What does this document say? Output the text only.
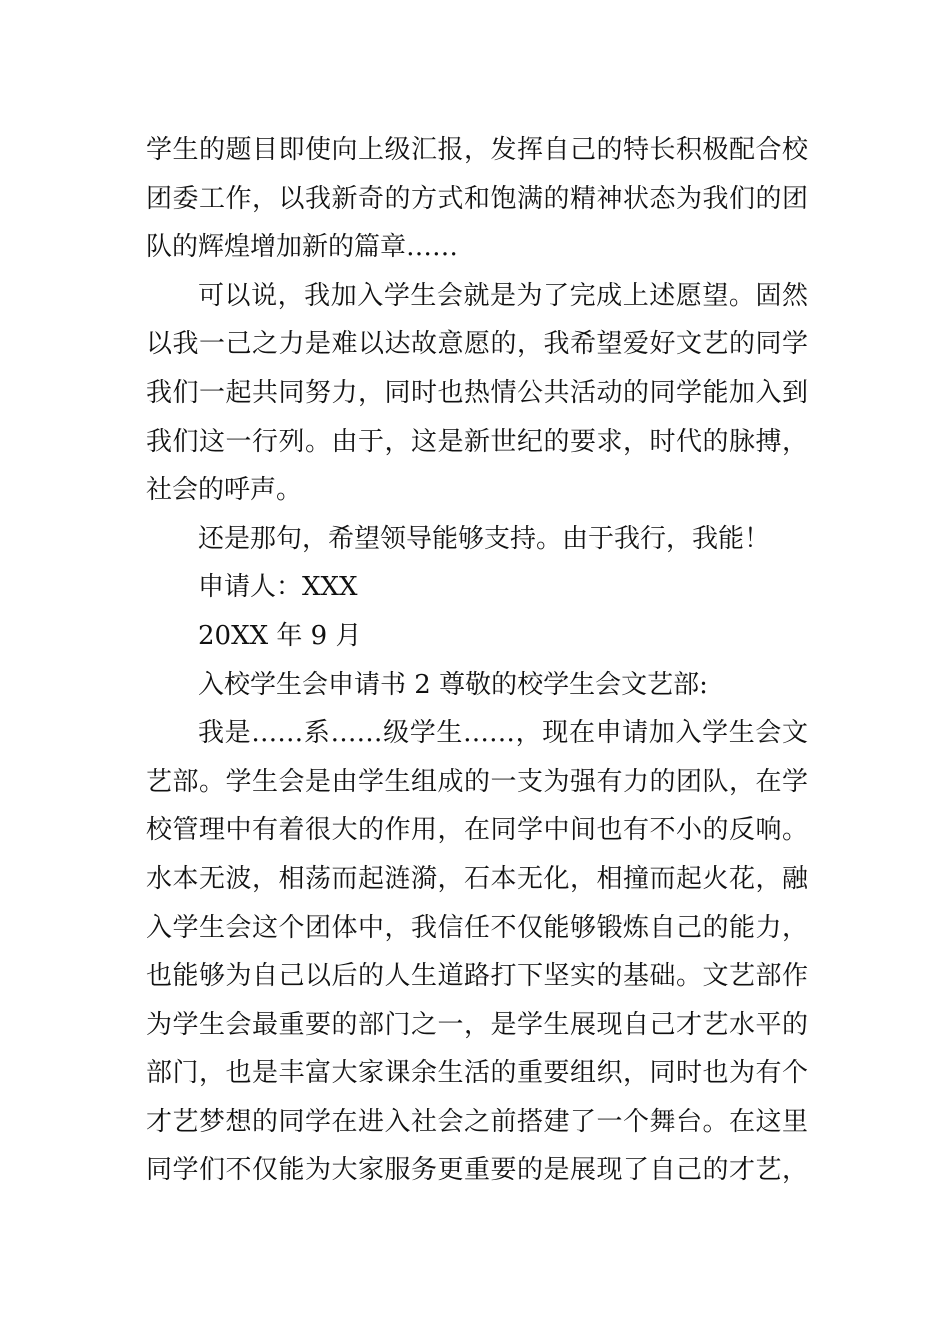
学生的题目即使向上级汇报，发挥自己的特长积极配合校
团委工作，以我新奇的方式和饱满的精神状态为我们的团
队的辉煌增加新的篇章……
可以说，我加入学生会就是为了完成上述愿望。固然
以我一己之力是难以达故意愿的，我希望爱好文艺的同学
我们一起共同努力，同时也热情公共活动的同学能加入到
我们这一行列。由于，这是新世纪的要求，时代的脉搏，
社会的呼声。
还是那句，希望领导能够支持。由于我行，我能！
申请人：XXX
20XX 年 9 月
入校学生会申请书 2 尊敬的校学生会文艺部:
我是……系……级学生……，现在申请加入学生会文
艺部。学生会是由学生组成的一支为强有力的团队，在学
校管理中有着很大的作用，在同学中间也有不小的反响。
水本无波，相荡而起涟漪，石本无化，相撞而起火花，融
入学生会这个团体中，我信任不仅能够锻炼自己的能力，
也能够为自己以后的人生道路打下坚实的基础。文艺部作
为学生会最重要的部门之一，是学生展现自己才艺水平的
部门，也是丰富大家课余生活的重要组织，同时也为有个
才艺梦想的同学在进入社会之前搭建了一个舞台。在这里
同学们不仅能为大家服务更重要的是展现了自己的才艺，
